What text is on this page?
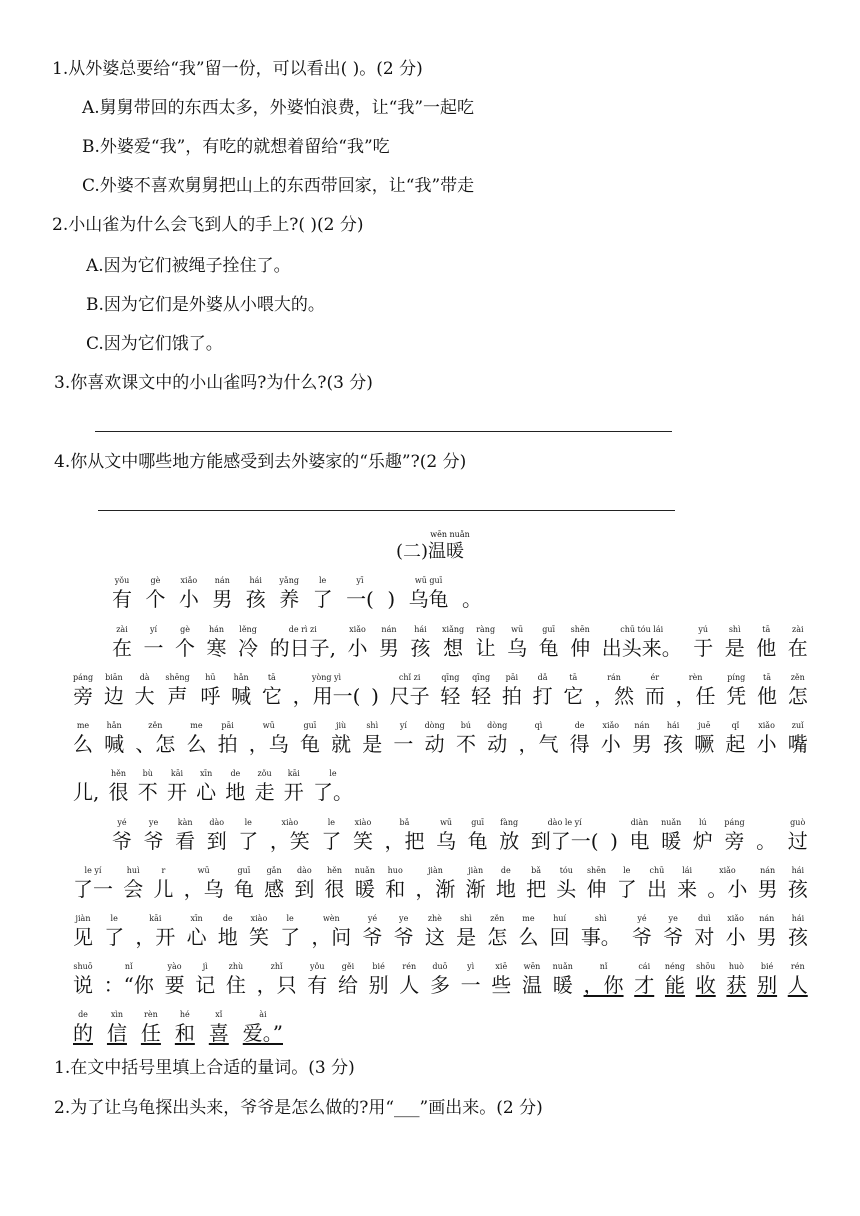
1.从外婆总要给“我”留一份，可以看出( )。(2 分)
A.舅舅带回的东西太多，外婆怕浪费，让“我”一起吃
B.外婆爱“我”，有吃的就想着留给“我”吃
C.外婆不喜欢舅舅把山上的东西带回家，让“我”带走
2.小山雀为什么会飞到人的手上?( )(2 分)
A.因为它们被绳子拴住了。
B.因为它们是外婆从小喂大的。
C.因为它们饿了。
3.你喜欢课文中的小山雀吗?为什么?(3 分)
4.你从文中哪些地方能感受到去外婆家的“乐趣”?(2 分)
wēn nuǎn
(二)温暖
yǒu
有
gè
个
xiǎo
小
nán
男
hái
孩
yǎng
养
le
了
yī
一( )
wū guī
乌龟 。
zài
在
yí
一
gè
个
hán
寒
lěng
冷
de rì zi
的日子,
xiǎo
小
nán
男
hái
孩
xiǎng
想
ràng
让
wū
乌
guī
龟
shēn
伸
chū tóu lái
出头来。
yú
于
shì
是
tā
他
zài
在
páng
旁
biān
边
dà
大
shēng
声
hū
呼
hǎn
喊
tā
它
yòng yì
，用一( )
chǐ zi
尺子
qīng
轻
qīng
轻
pāi
拍
dǎ
打
tā
它
rán
，然
ér
而
rèn
，任
píng
凭
tā
他
zěn
怎
me
么
hǎn
喊
zěn
、怎
me
么
pāi
拍
wū
，乌
guī
龟
jiù
就
shì
是
yí
一
dòng
动
bú
不
dòng
动
qì
，气
de
得
xiǎo
小
nán
男
hái
孩
juē
噘
qǐ
起
xiǎo
小
zuǐ
嘴
儿,
hěn
很
bù
不
kāi
开
xīn
心
de
地
zǒu
走
kāi
开
le
了。
yé
爷
ye
爷
kàn
看
dào
到
le
了
xiào
，笑
le
了
xiào
笑
bǎ
，把
wū
乌
guī
龟
fàng
放
dào le yí
到了一( )
diàn
电
nuǎn
暖
lú
炉
páng
旁 。
guò
过
le yí
了一
huì
会
r
儿
wū
，乌
guī
龟
gǎn
感
dào
到
hěn
很
nuǎn
暖
huo
和
jiàn
，渐
jiàn
渐
de
地
bǎ
把
tóu
头
shēn
伸
le
了
chū
出
lái
来
xiǎo
。小
nán
男
hái
孩
jiàn
见
le
了
kāi
，开
xīn
心
de
地
xiào
笑
le
了
wèn
，问
yé
爷
ye
爷
zhè
这
shì
是
zěn
怎
me
么
huí
回
shì
事。
yé
爷
ye
爷
duì
对
xiǎo
小
nán
男
hái
孩
shuō
说
nǐ
：“你
yào
要
jì
记
zhù
住
zhǐ
，只
yǒu
有
gěi
给
bié
别
rén
人
duō
多
yì
一
xiē
些
wēn
温
nuǎn
暖
nǐ
，你
cái
才
néng
能
shōu
收
huò
获
bié
别
rén
人
de
的
xìn
信
rèn
任
hé
和
xǐ
喜
ài
爱。”
1.在文中括号里填上合适的量词。(3 分)
2.为了让乌龟探出头来，爷爷是怎么做的?用“___”画出来。(2 分)
